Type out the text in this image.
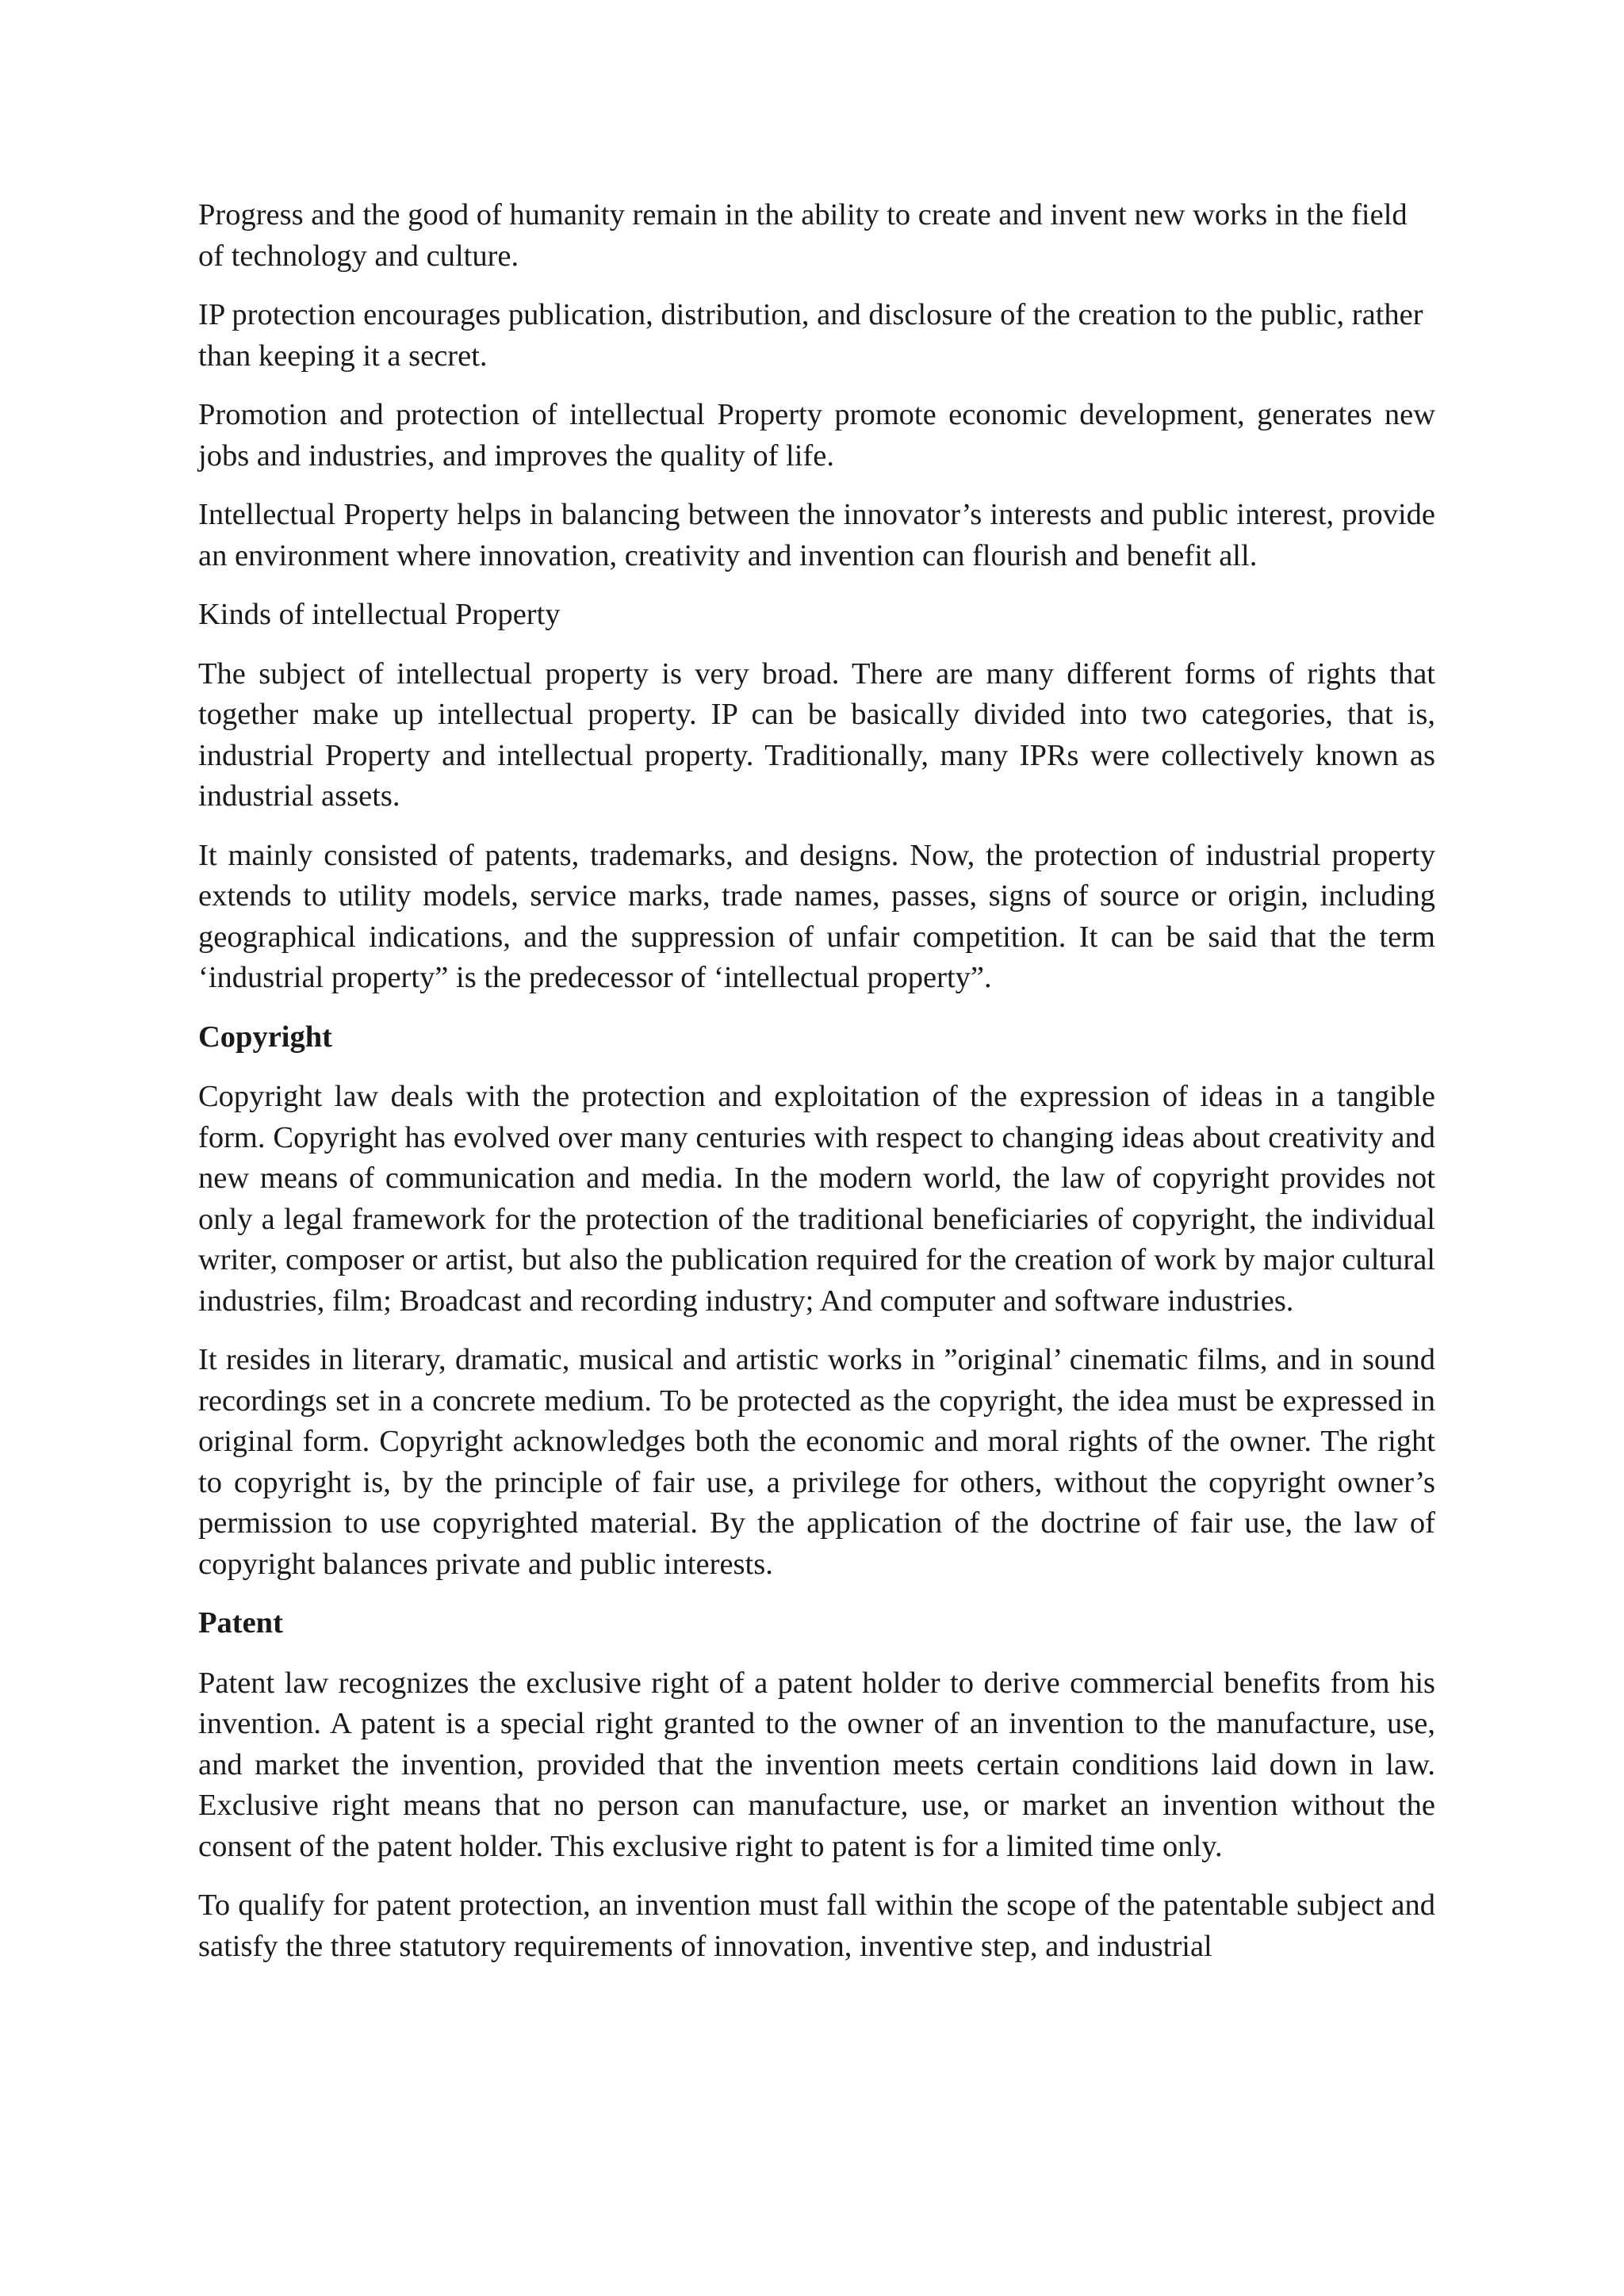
Progress and the good of humanity remain in the ability to create and invent new works in the field of technology and culture.

IP protection encourages publication, distribution, and disclosure of the creation to the public, rather than keeping it a secret.

Promotion and protection of intellectual Property promote economic development, generates new jobs and industries, and improves the quality of life.

Intellectual Property helps in balancing between the innovator’s interests and public interest, provide an environment where innovation, creativity and invention can flourish and benefit all.

Kinds of intellectual Property

The subject of intellectual property is very broad. There are many different forms of rights that together make up intellectual property. IP can be basically divided into two categories, that is, industrial Property and intellectual property. Traditionally, many IPRs were collectively known as industrial assets.

It mainly consisted of patents, trademarks, and designs. Now, the protection of industrial property extends to utility models, service marks, trade names, passes, signs of source or origin, including geographical indications, and the suppression of unfair competition. It can be said that the term ‘industrial property” is the predecessor of ‘intellectual property”.

Copyright

Copyright law deals with the protection and exploitation of the expression of ideas in a tangible form. Copyright has evolved over many centuries with respect to changing ideas about creativity and new means of communication and media. In the modern world, the law of copyright provides not only a legal framework for the protection of the traditional beneficiaries of copyright, the individual writer, composer or artist, but also the publication required for the creation of work by major cultural industries, film; Broadcast and recording industry; And computer and software industries.

It resides in literary, dramatic, musical and artistic works in ”original’ cinematic films, and in sound recordings set in a concrete medium. To be protected as the copyright, the idea must be expressed in original form. Copyright acknowledges both the economic and moral rights of the owner. The right to copyright is, by the principle of fair use, a privilege for others, without the copyright owner’s permission to use copyrighted material. By the application of the doctrine of fair use, the law of copyright balances private and public interests.

Patent

Patent law recognizes the exclusive right of a patent holder to derive commercial benefits from his invention. A patent is a special right granted to the owner of an invention to the manufacture, use, and market the invention, provided that the invention meets certain conditions laid down in law. Exclusive right means that no person can manufacture, use, or market an invention without the consent of the patent holder. This exclusive right to patent is for a limited time only.

To qualify for patent protection, an invention must fall within the scope of the patentable subject and satisfy the three statutory requirements of innovation, inventive step, and industrial
